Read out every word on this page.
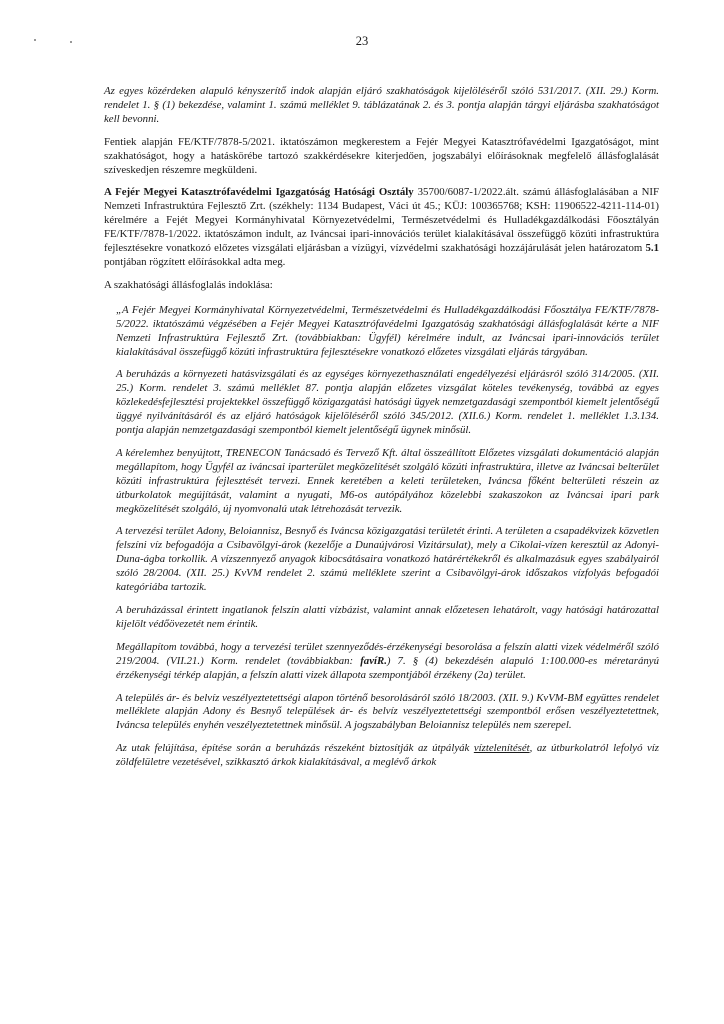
23

Az egyes közérdeken alapuló kényszerítő indok alapján eljáró szakhatóságok kijelöléséről szóló 531/2017. (XII. 29.) Korm. rendelet 1. § (1) bekezdése, valamint 1. számú melléklet 9. táblázatának 2. és 3. pontja alapján tárgyi eljárásba szakhatóságot kell bevonni.

Fentiek alapján FE/KTF/7878-5/2021. iktatószámon megkerestem a Fejér Megyei Katasztrófavédelmi Igazgatóságot, mint szakhatóságot, hogy a hatáskörébe tartozó szakkérdésekre kiterjedően, jogszabályi előírásoknak megfelelő állásfoglalását szíveskedjen részemre megküldeni.

A Fejér Megyei Katasztrófavédelmi Igazgatóság Hatósági Osztály 35700/6087-1/2022.ált. számú állásfoglalásában a NIF Nemzeti Infrastruktúra Fejlesztő Zrt. (székhely: 1134 Budapest, Váci út 45.; KÜJ: 100365768; KSH: 11906522-4211-114-01) kérelmére a Fejét Megyei Kormányhivatal Környezetvédelmi, Természetvédelmi és Hulladékgazdálkodási Főosztályán FE/KTF/7878-1/2022. iktatószámon indult, az Iváncsai ipari-innovációs terület kialakításával összefüggő közúti infrastruktúra fejlesztésekre vonatkozó előzetes vizsgálati eljárásban a vízügyi, vízvédelmi szakhatósági hozzájárulását jelen határozatom 5.1 pontjában rögzített előírásokkal adta meg.

A szakhatósági állásfoglalás indoklása:

„A Fejér Megyei Kormányhivatal Környezetvédelmi, Természetvédelmi és Hulladékgazdálkodási Főosztálya FE/KTF/7878-5/2022. iktatószámú végzésében a Fejér Megyei Katasztrófavédelmi Igazgatóság szakhatósági állásfoglalását kérte a NIF Nemzeti Infrastruktúra Fejlesztő Zrt. (továbbiakban: Ügyfél) kérelmére indult, az Iváncsai ipari-innovációs terület kialakításával összefüggő közúti infrastruktúra fejlesztésekre vonatkozó előzetes vizsgálati eljárás tárgyában.

A beruházás a környezeti hatásvizsgálati és az egységes környezethasználati engedélyezési eljárásról szóló 314/2005. (XII. 25.) Korm. rendelet 3. számú melléklet 87. pontja alapján előzetes vizsgálat köteles tevékenység, továbbá az egyes közlekedésfejlesztési projektekkel összefüggő közigazgatási hatósági ügyek nemzetgazdasági szempontból kiemelt jelentőségű üggyé nyilvánításáról és az eljáró hatóságok kijelöléséről szóló 345/2012. (XII.6.) Korm. rendelet 1. melléklet 1.3.134. pontja alapján nemzetgazdasági szempontból kiemelt jelentőségű ügynek minősül.

A kérelemhez benyújtott, TRENECON Tanácsadó és Tervező Kft. által összeállított Előzetes vizsgálati dokumentáció alapján megállapítom, hogy Ügyfél az iváncsai iparterület megközelítését szolgáló közúti infrastruktúra, illetve az Iváncsai belterület közúti infrastruktúra fejlesztését tervezi. Ennek keretében a keleti területeken, Iváncsa főként belterületi részein az útburkolatok megújítását, valamint a nyugati, M6-os autópályához közelebbi szakaszokon az Iváncsai ipari park megközelítését szolgáló, új nyomvonalú utak létrehozását tervezik.

A tervezési terület Adony, Beloiannisz, Besnyő és Iváncsa közigazgatási területét érinti. A területen a csapadékvizek közvetlen felszíni víz befogadója a Csibavölgyi-árok (kezelője a Dunaújvárosi Vizitársulat), mely a Cikolai-vízen keresztül az Adonyi-Duna-ágba torkollik. A vízszennyező anyagok kibocsátásaira vonatkozó határértékekről és alkalmazásuk egyes szabályairól szóló 28/2004. (XII. 25.) KvVM rendelet 2. számú melléklete szerint a Csibavölgyi-árok időszakos vízfolyás befogadói kategóriába tartozik.

A beruházással érintett ingatlanok felszín alatti vízbázist, valamint annak előzetesen lehatárolt, vagy hatósági határozattal kijelölt védőövezetét nem érintik.

Megállapítom továbbá, hogy a tervezési terület szennyeződés-érzékenységi besorolása a felszín alatti vizek védelméről szóló 219/2004. (VII.21.) Korm. rendelet (továbbiakban: favíR.) 7. § (4) bekezdésén alapuló 1:100.000-es méretarányú érzékenységi térkép alapján, a felszín alatti vizek állapota szempontjából érzékeny (2a) terület.

A település ár- és belvíz veszélyeztetettségi alapon történő besorolásáról szóló 18/2003. (XII. 9.) KvVM-BM együttes rendelet melléklete alapján Adony és Besnyő települések ár- és belvíz veszélyeztetettségi szempontból erősen veszélyeztetettnek, Iváncsa település enyhén veszélyeztetettnek minősül. A jogszabályban Beloiannisz település nem szerepel.

Az utak felújítása, építése során a beruházás részeként biztosítják az útpályák víztelenítését, az útburkolatról lefolyó víz zöldfelületre vezetésével, szikkasztó árkok kialakításával, a meglévő árkok
